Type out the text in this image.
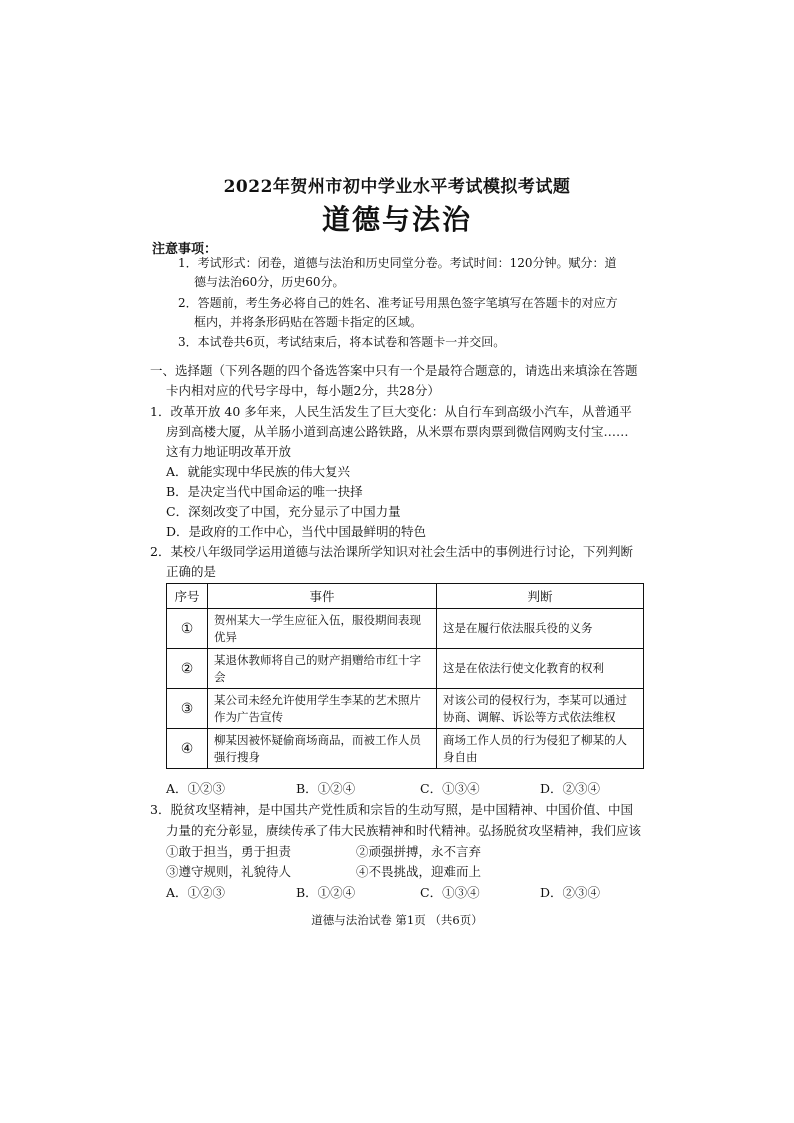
2022年贺州市初中学业水平考试模拟考试题
道德与法治
注意事项：
1．考试形式：闭卷，道德与法治和历史同堂分卷。考试时间：120分钟。赋分：道
德与法治60分，历史60分。
2．答题前，考生务必将自己的姓名、准考证号用黑色签字笔填写在答题卡的对应方
框内，并将条形码贴在答题卡指定的区域。
3．本试卷共6页，考试结束后，将本试卷和答题卡一并交回。
一、选择题（下列各题的四个备选答案中只有一个是最符合题意的，请选出来填涂在答题
卡内相对应的代号字母中，每小题2分，共28分）
1．改革开放 40 多年来，人民生活发生了巨大变化：从自行车到高级小汽车，从普通平
房到高楼大厦，从羊肠小道到高速公路铁路，从米票布票肉票到微信网购支付宝……
这有力地证明改革开放
A．就能实现中华民族的伟大复兴
B．是决定当代中国命运的唯一抉择
C．深刻改变了中国，充分显示了中国力量
D．是政府的工作中心，当代中国最鲜明的特色
2．某校八年级同学运用道德与法治课所学知识对社会生活中的事例进行讨论，下列判断
正确的是
序号	事件	判断
①	贺州某大一学生应征入伍，服役期间表现优异	这是在履行依法服兵役的义务
②	某退休教师将自己的财产捐赠给市红十字会	这是在依法行使文化教育的权利
③	某公司未经允许使用学生李某的艺术照片作为广告宣传	对该公司的侵权行为，李某可以通过协商、调解、诉讼等方式依法维权
④	柳某因被怀疑偷商场商品，而被工作人员强行搜身	商场工作人员的行为侵犯了柳某的人身自由
A．①②③	B．①②④	C．①③④	D．②③④
3．脱贫攻坚精神，是中国共产党性质和宗旨的生动写照，是中国精神、中国价值、中国
力量的充分彰显，赓续传承了伟大民族精神和时代精神。弘扬脱贫攻坚精神，我们应该
①敢于担当，勇于担责	②顽强拼搏，永不言弃
③遵守规则，礼貌待人	④不畏挑战，迎难而上
A．①②③	B．①②④	C．①③④	D．②③④
道德与法治试卷 第1页 （共6页）
